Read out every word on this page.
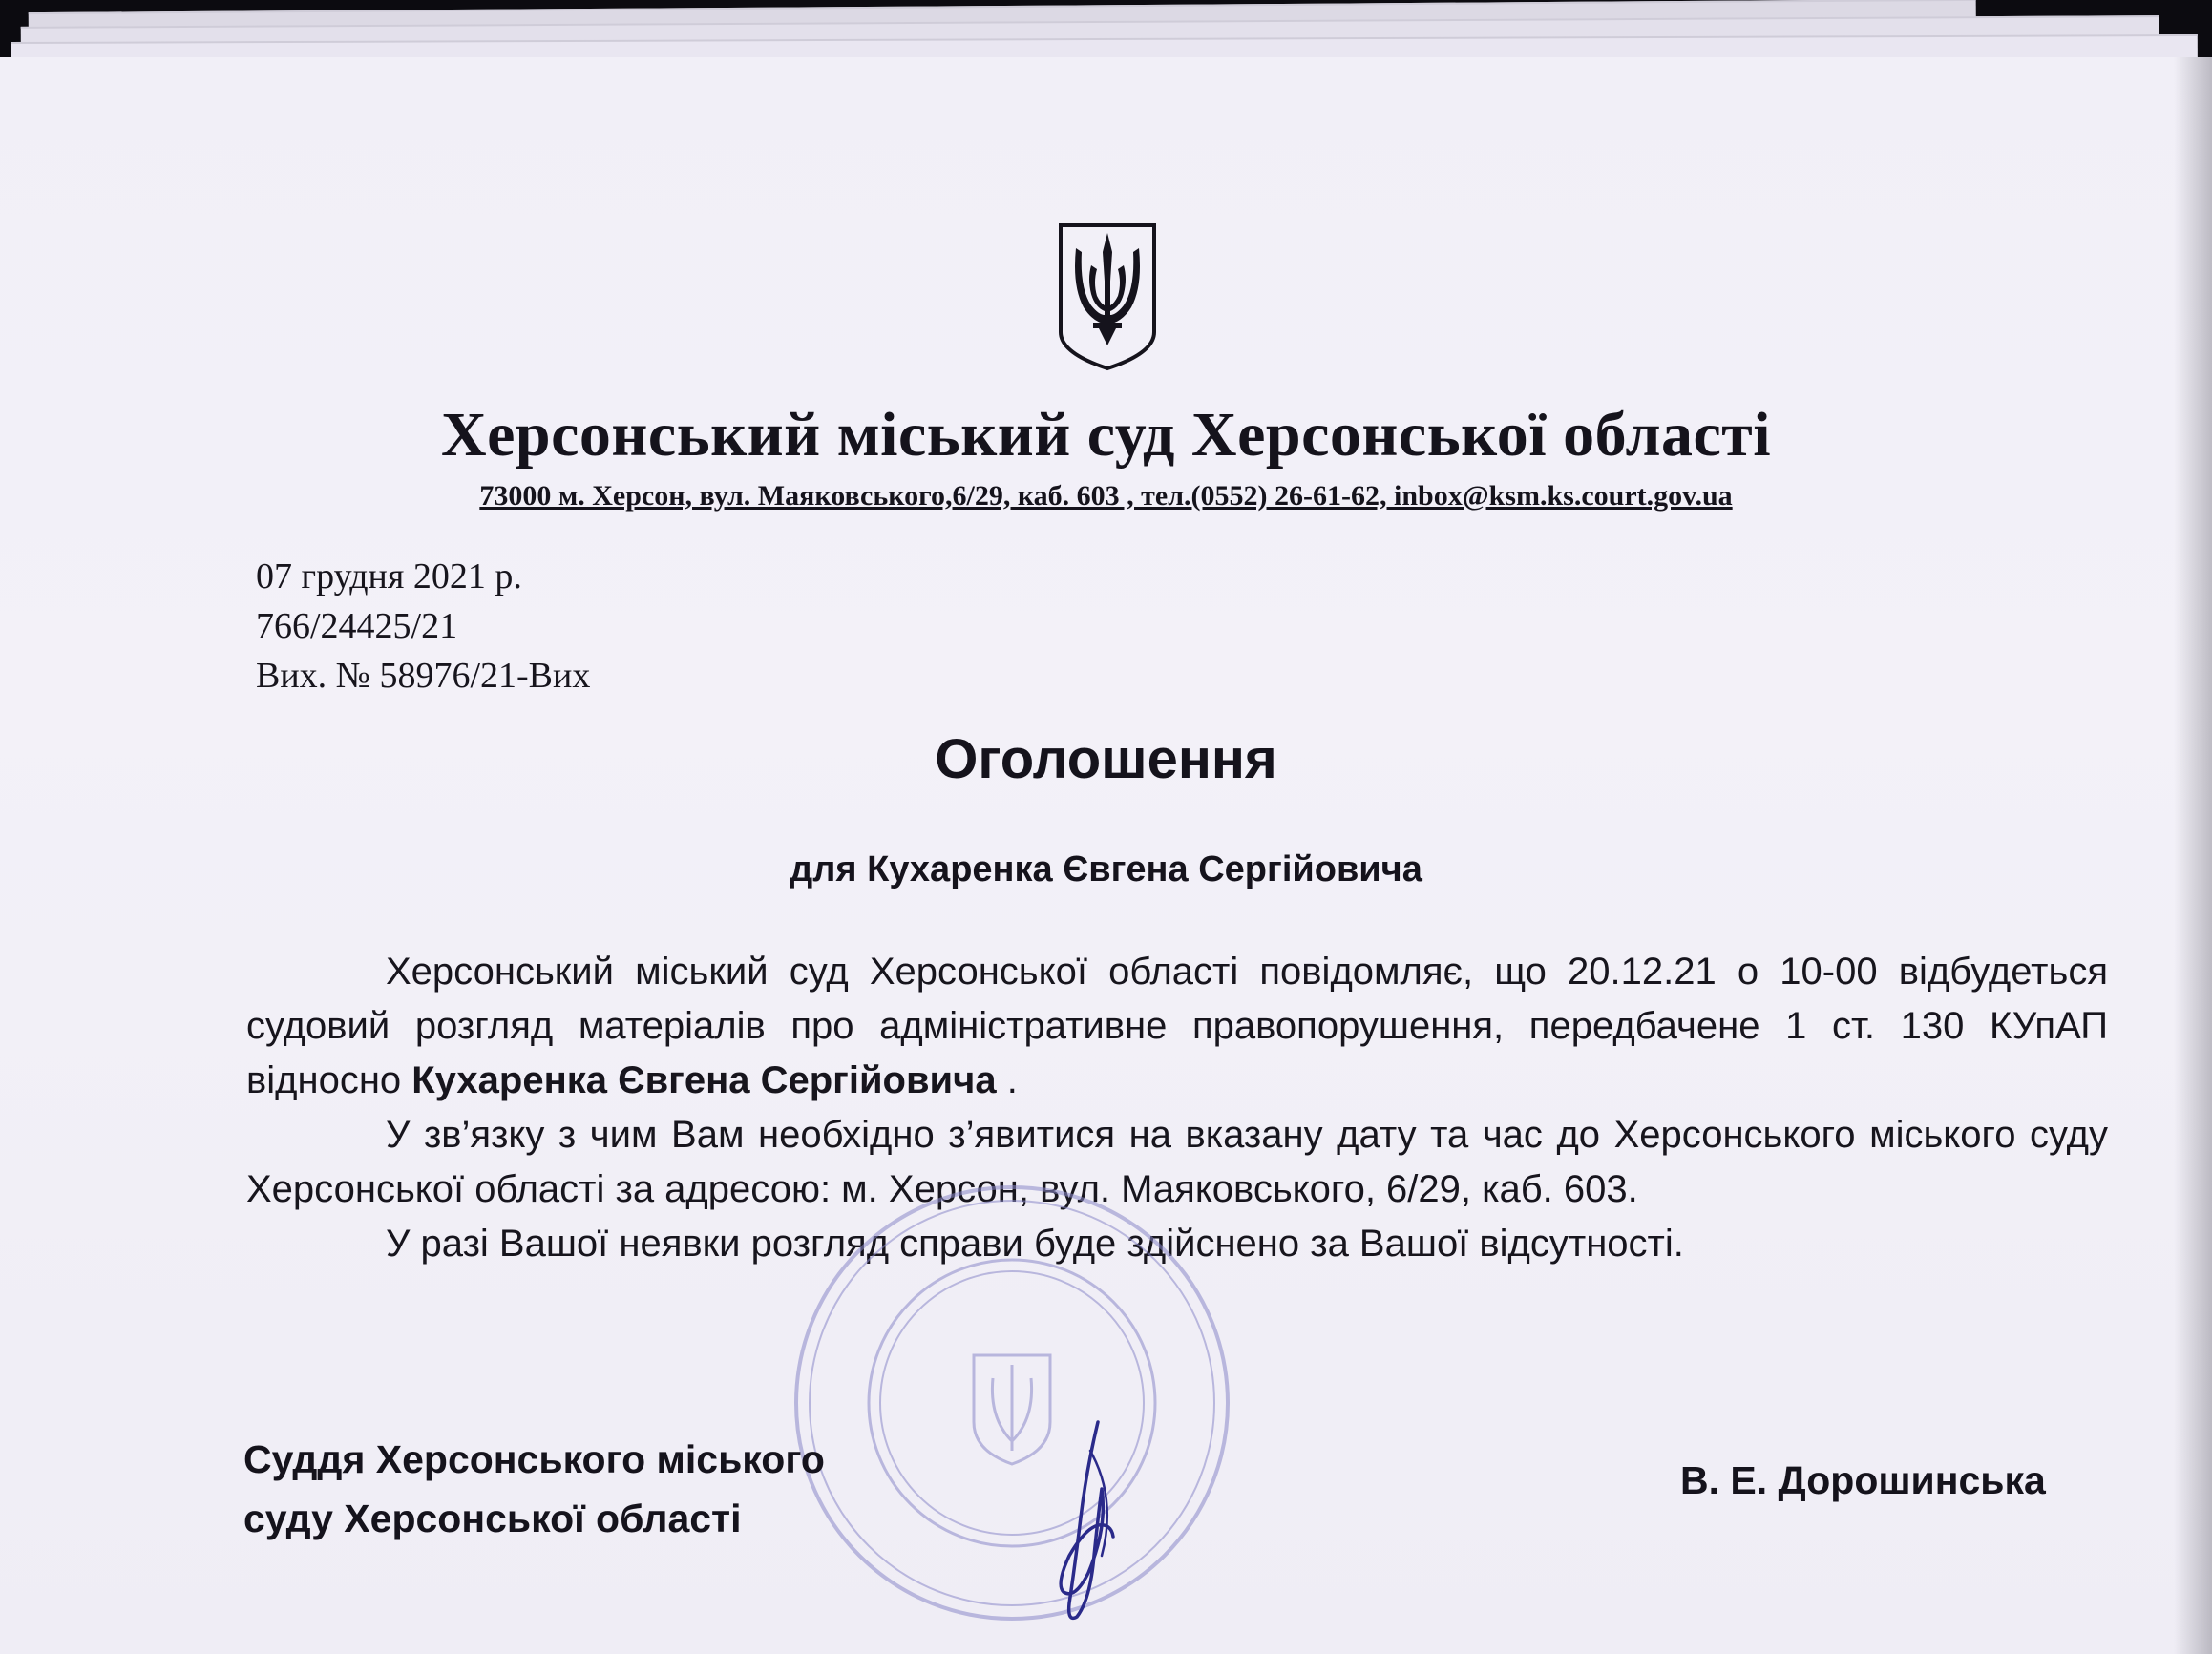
Херсонський міський суд Херсонської області
73000 м. Херсон, вул. Маяковського,6/29, каб. 603 , тел.(0552) 26-61-62, inbox@ksm.ks.court.gov.ua
07 грудня 2021 р.
766/24425/21
Вих. № 58976/21-Вих
Оголошення
для Кухаренка Євгена Сергійовича

Херсонський міський суд Херсонської області повідомляє, що 20.12.21 о 10-00 відбудеться судовий розгляд матеріалів про адміністративне правопорушення, передбачене 1 ст. 130 КУпАП відносно Кухаренка Євгена Сергійовича .

У зв’язку з чим Вам необхідно з’явитися на вказану дату та час до Херсонського міського суду Херсонської області за адресою: м. Херсон, вул. Маяковського, 6/29, каб. 603.

У разі Вашої неявки розгляд справи буде здійснено за Вашої відсутності.

Суддя Херсонського міського
суду Херсонської області
В. Е. Дорошинська
